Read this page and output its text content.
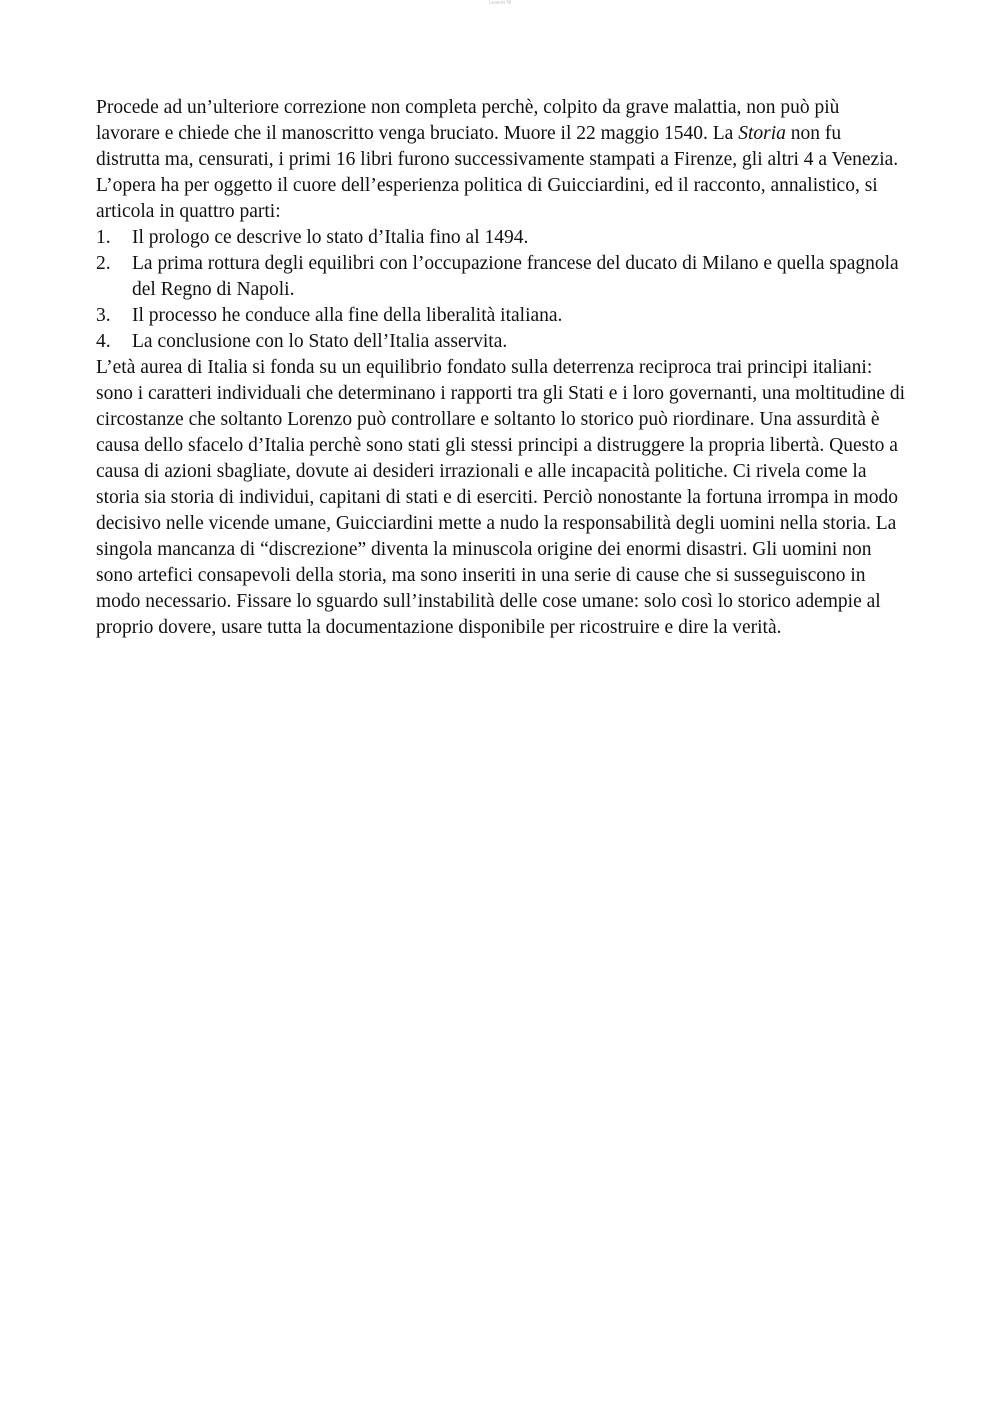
Leaevb fifi

Procede ad un’ulteriore correzione non completa perchè, colpito da grave malattia, non può più lavorare e chiede che il manoscritto venga bruciato. Muore il 22 maggio 1540. La Storia non fu distrutta ma, censurati, i primi 16 libri furono successivamente stampati a Firenze, gli altri 4 a Venezia. L’opera ha per oggetto il cuore dell’esperienza politica di Guicciardini, ed il racconto, annalistico, si articola in quattro parti:

1. Il prologo ce descrive lo stato d’Italia fino al 1494.
2. La prima rottura degli equilibri con l’occupazione francese del ducato di Milano e quella spagnola del Regno di Napoli.
3. Il processo he conduce alla fine della liberalità italiana.
4. La conclusione con lo Stato dell’Italia asservita.

L’età aurea di Italia si fonda su un equilibrio fondato sulla deterrenza reciproca trai principi italiani: sono i caratteri individuali che determinano i rapporti tra gli Stati e i loro governanti, una moltitudine di circostanze che soltanto Lorenzo può controllare e soltanto lo storico può riordinare. Una assurdità è causa dello sfacelo d’Italia perchè sono stati gli stessi principi a distruggere la propria libertà. Questo a causa di azioni sbagliate, dovute ai desideri irrazionali e alle incapacità politiche. Ci rivela come la storia sia storia di individui, capitani di stati e di eserciti. Perciò nonostante la fortuna irrompa in modo decisivo nelle vicende umane, Guicciardini mette a nudo la responsabilità degli uomini nella storia. La singola mancanza di “discrezione” diventa la minuscola origine dei enormi disastri. Gli uomini non sono artefici consapevoli della storia, ma sono inseriti in una serie di cause che si susseguiscono in modo necessario. Fissare lo sguardo sull’instabilità delle cose umane: solo così lo storico adempie al proprio dovere, usare tutta la documentazione disponibile per ricostruire e dire la verità.
